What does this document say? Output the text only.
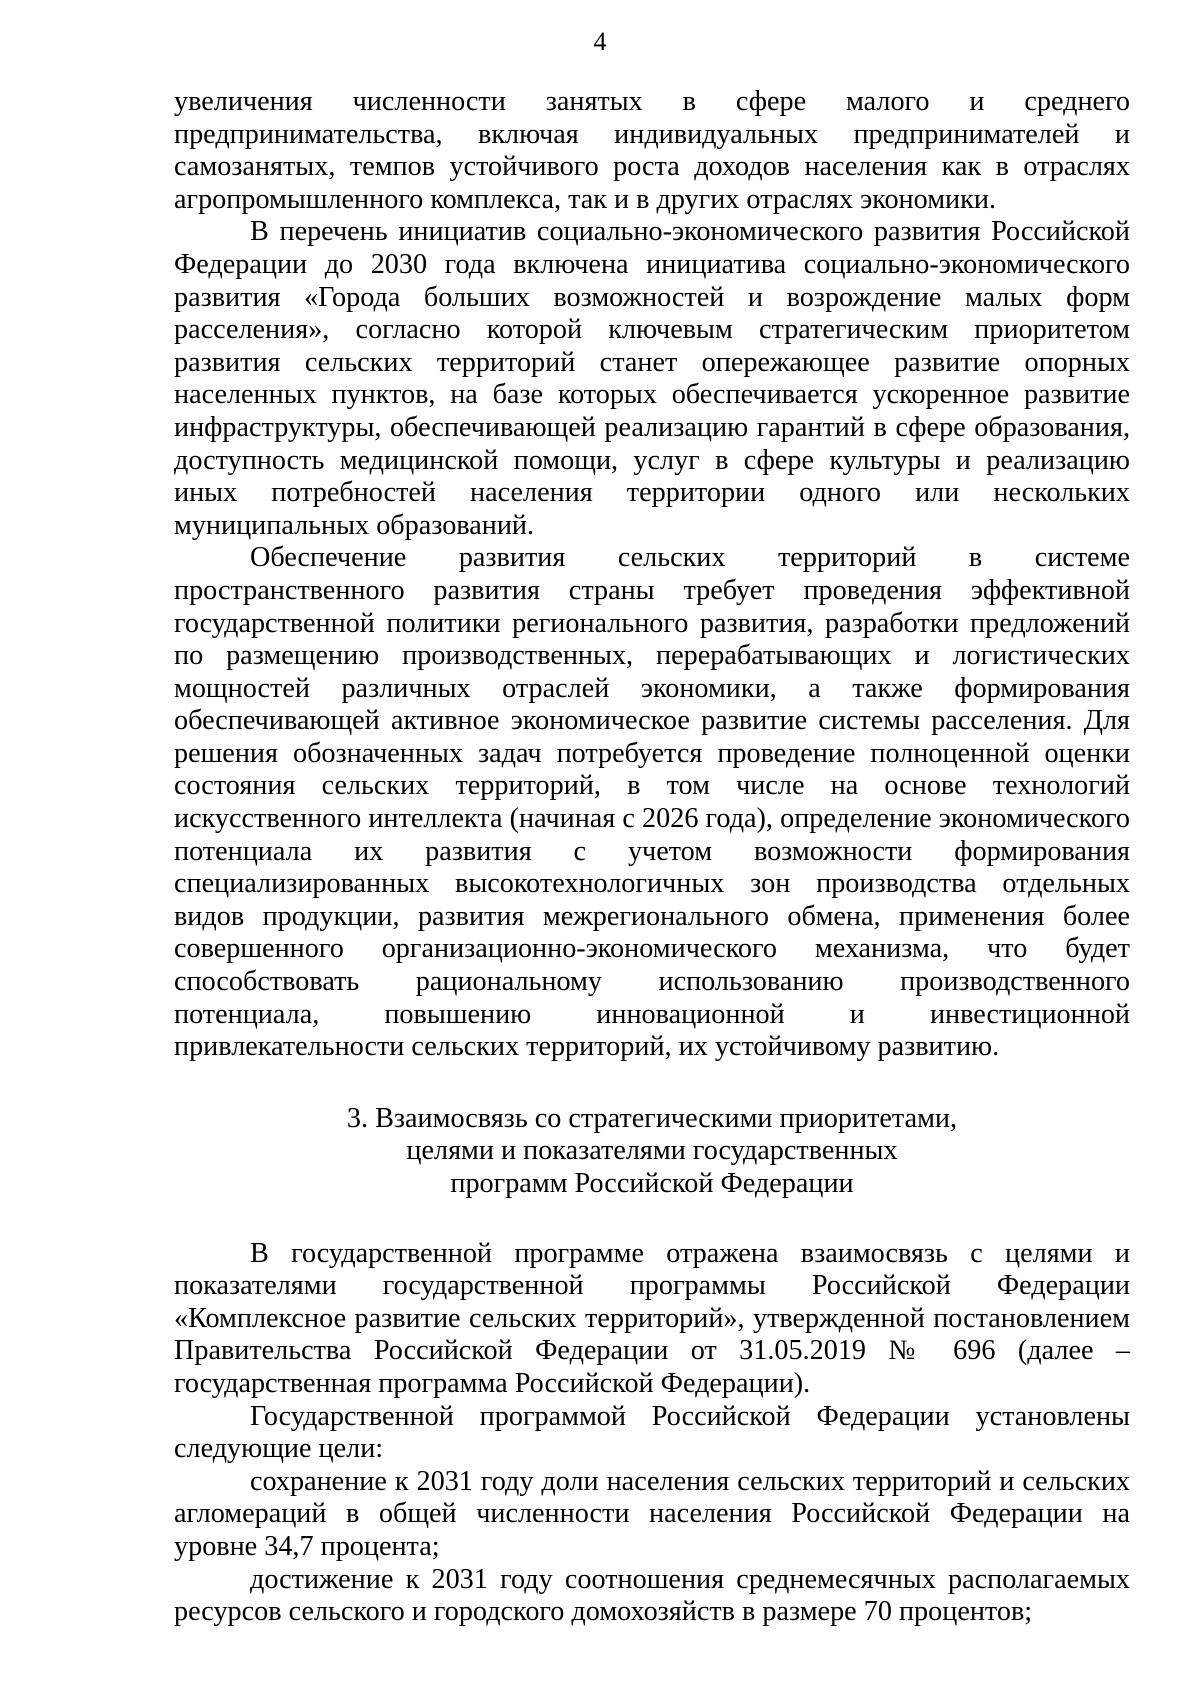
4

увеличения численности занятых в сфере малого и среднего предпринимательства, включая индивидуальных предпринимателей и самозанятых, темпов устойчивого роста доходов населения как в отраслях агропромышленного комплекса, так и в других отраслях экономики.

В перечень инициатив социально-экономического развития Российской Федерации до 2030 года включена инициатива социально-экономического развития «Города больших возможностей и возрождение малых форм расселения», согласно которой ключевым стратегическим приоритетом развития сельских территорий станет опережающее развитие опорных населенных пунктов, на базе которых обеспечивается ускоренное развитие инфраструктуры, обеспечивающей реализацию гарантий в сфере образования, доступность медицинской помощи, услуг в сфере культуры и реализацию иных потребностей населения территории одного или нескольких муниципальных образований.

Обеспечение развития сельских территорий в системе пространственного развития страны требует проведения эффективной государственной политики регионального развития, разработки предложений по размещению производственных, перерабатывающих и логистических мощностей различных отраслей экономики, а также формирования обеспечивающей активное экономическое развитие системы расселения. Для решения обозначенных задач потребуется проведение полноценной оценки состояния сельских территорий, в том числе на основе технологий искусственного интеллекта (начиная с 2026 года), определение экономического потенциала их развития с учетом возможности формирования специализированных высокотехнологичных зон производства отдельных видов продукции, развития межрегионального обмена, применения более совершенного организационно-экономического механизма, что будет способствовать рациональному использованию производственного потенциала, повышению инновационной и инвестиционной привлекательности сельских территорий, их устойчивому развитию.

3. Взаимосвязь со стратегическими приоритетами,
целями и показателями государственных
программ Российской Федерации

В государственной программе отражена взаимосвязь с целями и показателями государственной программы Российской Федерации «Комплексное развитие сельских территорий», утвержденной постановлением Правительства Российской Федерации от 31.05.2019 № 696 (далее – государственная программа Российской Федерации).

Государственной программой Российской Федерации установлены следующие цели:

сохранение к 2031 году доли населения сельских территорий и сельских агломераций в общей численности населения Российской Федерации на уровне 34,7 процента;

достижение к 2031 году соотношения среднемесячных располагаемых ресурсов сельского и городского домохозяйств в размере 70 процентов;
